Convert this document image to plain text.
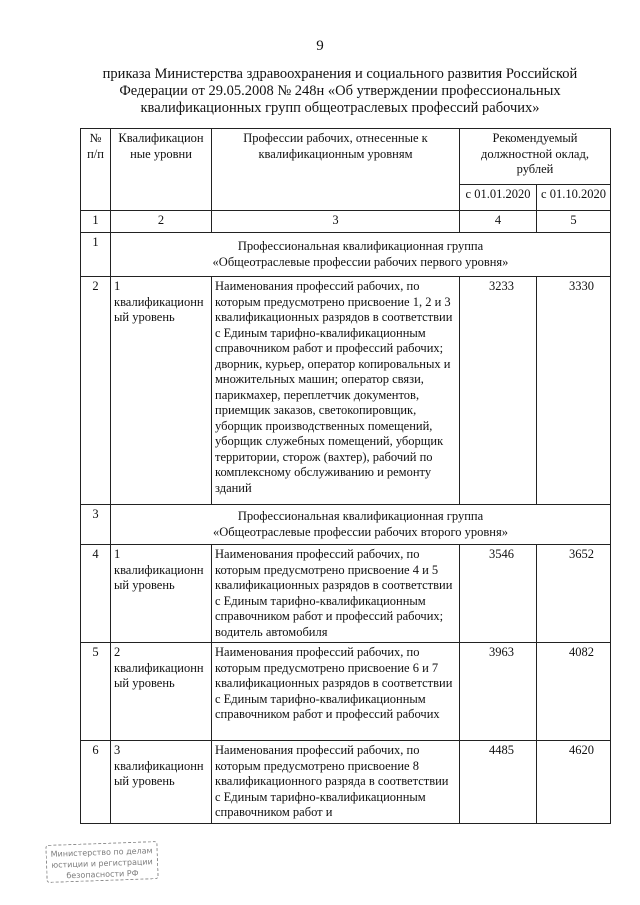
9
приказа Министерства здравоохранения и социального развития Российской
Федерации от 29.05.2008 № 248н «Об утверждении профессиональных
квалификационных групп общеотраслевых профессий рабочих»
№ п/п	Квалификацион ные уровни	Профессии рабочих, отнесенные к квалификационным уровням	Рекомендуемый должностной оклад, рублей	
			с 01.01.2020	с 01.10.2020
1	2	3	4	5
1	Профессиональная квалификационная группа
«Общеотраслевые профессии рабочих первого уровня»			

2	1 квалификационн ый уровень	Наименования профессий рабочих, по которым предусмотрено присвоение 1, 2 и 3 квалификационных разрядов в соответствии с Единым тарифно-квалификационным справочником работ и профессий рабочих; дворник, курьер, оператор копировальных и множительных машин; оператор связи, парикмахер, переплетчик документов, приемщик заказов, светокопировщик, уборщик производственных помещений, уборщик служебных помещений, уборщик территории, сторож (вахтер), рабочий по комплексному обслуживанию и ремонту зданий	3233	3330
3	Профессиональная квалификационная группа
«Общеотраслевые профессии рабочих второго уровня»			

4	1 квалификационн ый уровень	Наименования профессий рабочих, по которым предусмотрено присвоение 4 и 5 квалификационных разрядов в соответствии с Единым тарифно-квалификационным справочником работ и профессий рабочих; водитель автомобиля	3546	3652
5	2 квалификационн ый уровень	Наименования профессий рабочих, по которым предусмотрено присвоение 6 и 7 квалификационных разрядов в соответствии с Единым тарифно-квалификационным справочником работ и профессий рабочих	3963	4082
6	3 квалификационн ый уровень	Наименования профессий рабочих, по которым предусмотрено присвоение 8 квалификационного разряда в соответствии с Единым тарифно-квалификационным справочником работ и	4485	4620
Министерство по делам
юстиции и регистрации
безопасности РФ
